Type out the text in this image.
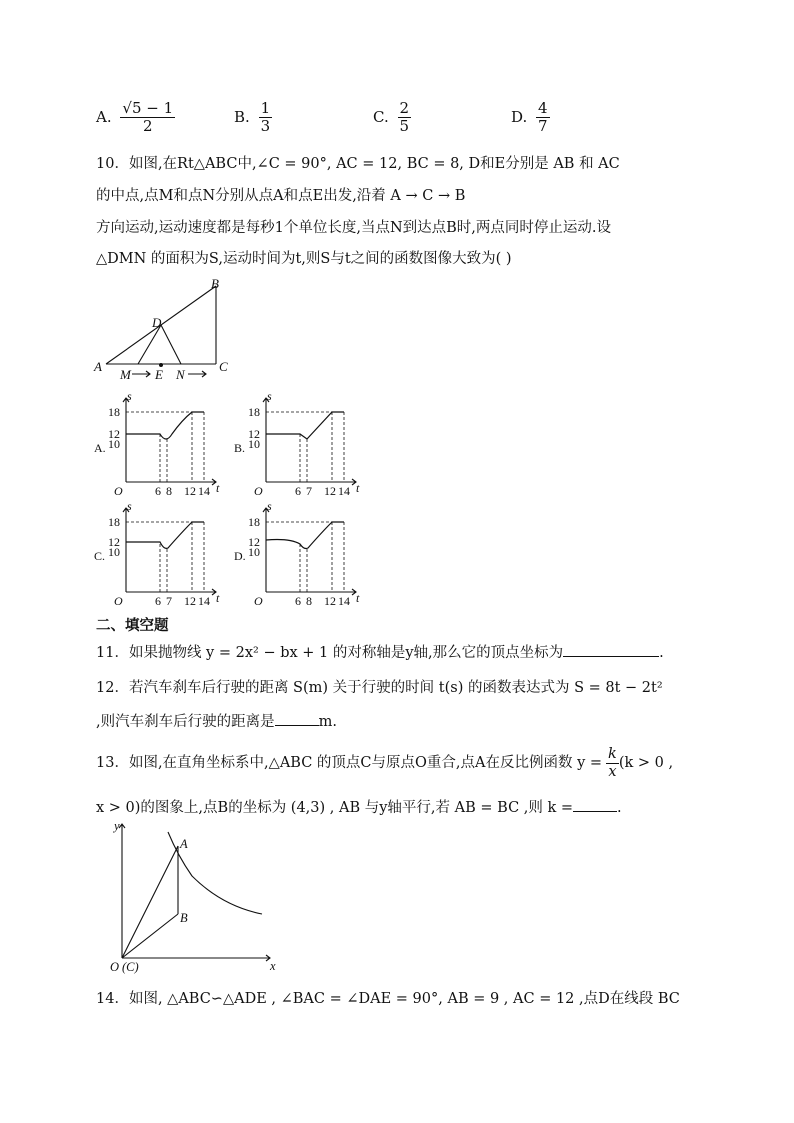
A. $\frac{√5 - 1}{2}$	B. $\frac{1}{3}$	C. $\frac{2}{5}$	D. $\frac{4}{7}$
10．如图,在Rt△ABC中,∠C = 90°, AC = 12, BC = 8, D和E分别是 AB 和 AC
的中点,点M和点N分别从点A和点E出发,沿着 A → C → B
方向运动,运动速度都是每秒1个单位长度,当点N到达点B时,两点同时停止运动.设
△DMN 的面积为S,运动时间为t,则S与t之间的函数图像大致为( )
A
B
C
D
E
M	N
A.
s
18
12
10
O	6 8 12 14 t
B.
s
18
12
10
O	6 7 12 14 t
C.
s
18
12
10
O	6 7 12 14 t
D.
s
18
12
10
O	6 8 12 14 t
二、填空题
11．如果抛物线 y = 2x² − bx + 1 的对称轴是y轴,那么它的顶点坐标为	.
12．若汽车刹车后行驶的距离 S(m) 关于行驶的时间 t(s) 的函数表达式为 S = 8t − 2t²
,则汽车刹车后行驶的距离是	m.
13．如图,在直角坐标系中,△ABC 的顶点C与原点O重合,点A在反比例函数 $y = \frac{k}{x} (k > 0$ ,
x > 0)的图象上,点B的坐标为 (4,3) , AB 与y轴平行,若 AB = BC ,则 k =	.
y
x
A
B
O (C)
14．如图, △ABC∽△ADE , ∠BAC = ∠DAE = 90°, AB = 9 , AC = 12 ,点D在线段 BC
